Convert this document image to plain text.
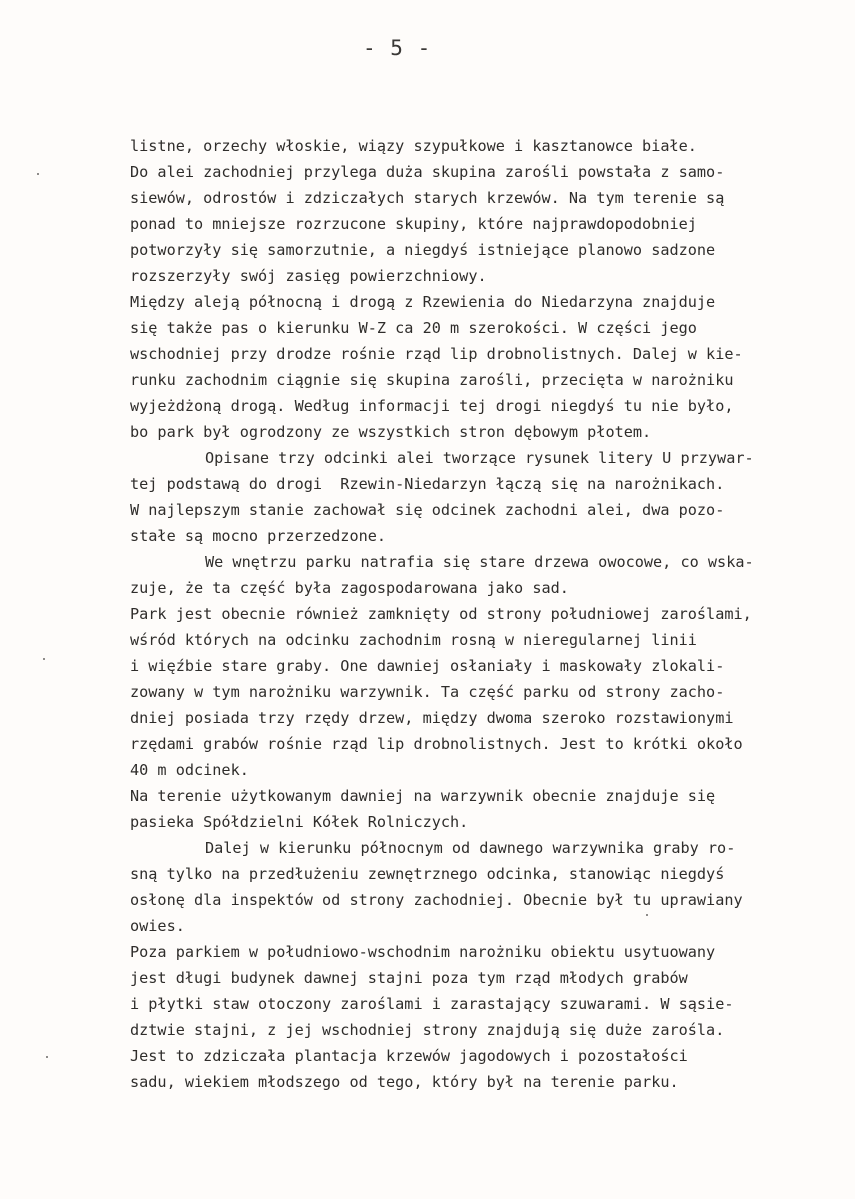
- 5 -
listne, orzechy włoskie, wiązy szypułkowe i kasztanowce białe.
Do alei zachodniej przylega duża skupina zarośli powstała z samo-
siewów, odrostów i zdziczałych starych krzewów. Na tym terenie są
ponad to mniejsze rozrzucone skupiny, które najprawdopodobniej
potworzyły się samorzutnie, a niegdyś istniejące planowo sadzone
rozszerzyły swój zasięg powierzchniowy.
Między aleją północną i drogą z Rzewienia do Niedarzyna znajduje
się także pas o kierunku W-Z ca 20 m szerokości. W części jego
wschodniej przy drodze rośnie rząd lip drobnolistnych. Dalej w kie-
runku zachodnim ciągnie się skupina zarośli, przecięta w narożniku
wyjeżdżoną drogą. Według informacji tej drogi niegdyś tu nie było,
bo park był ogrodzony ze wszystkich stron dębowym płotem.
Opisane trzy odcinki alei tworzące rysunek litery U przywar-
tej podstawą do drogi  Rzewin-Niedarzyn łączą się na narożnikach.
W najlepszym stanie zachował się odcinek zachodni alei, dwa pozo-
stałe są mocno przerzedzone.
We wnętrzu parku natrafia się stare drzewa owocowe, co wska-
zuje, że ta część była zagospodarowana jako sad.
Park jest obecnie również zamknięty od strony południowej zaroślami,
wśród których na odcinku zachodnim rosną w nieregularnej linii
i więźbie stare graby. One dawniej osłaniały i maskowały zlokali-
zowany w tym narożniku warzywnik. Ta część parku od strony zacho-
dniej posiada trzy rzędy drzew, między dwoma szeroko rozstawionymi
rzędami grabów rośnie rząd lip drobnolistnych. Jest to krótki około
40 m odcinek.
Na terenie użytkowanym dawniej na warzywnik obecnie znajduje się
pasieka Spółdzielni Kółek Rolniczych.
Dalej w kierunku północnym od dawnego warzywnika graby ro-
sną tylko na przedłużeniu zewnętrznego odcinka, stanowiąc niegdyś
osłonę dla inspektów od strony zachodniej. Obecnie był tu uprawiany
owies.
Poza parkiem w południowo-wschodnim narożniku obiektu usytuowany
jest długi budynek dawnej stajni poza tym rząd młodych grabów
i płytki staw otoczony zaroślami i zarastający szuwarami. W sąsie-
dztwie stajni, z jej wschodniej strony znajdują się duże zarośla.
Jest to zdziczała plantacja krzewów jagodowych i pozostałości
sadu, wiekiem młodszego od tego, który był na terenie parku.
